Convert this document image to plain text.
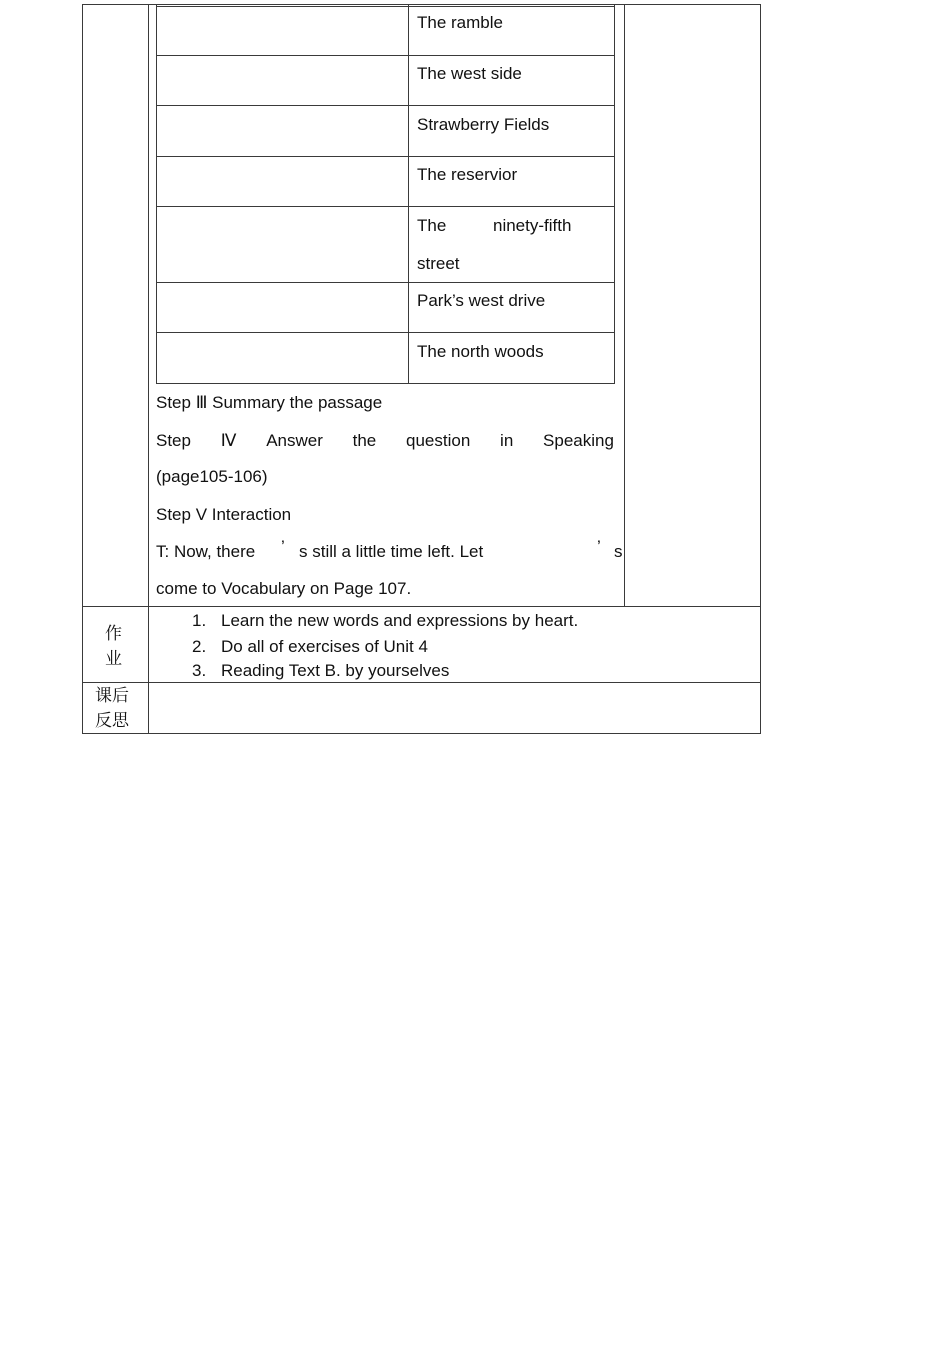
The ramble
The west side
Strawberry Fields
The reservior
The	ninety-fifth
street
Park’s west drive
The north woods
Step Ⅲ Summary the passage
Step Ⅳ Answer the question in Speaking
(page105-106)
Step V Interaction
T: Now, there ’ s still a little time left. Let	’ s
come to Vocabulary on Page 107.
作
业
1. Learn the new words and expressions by heart.
2. Do all of exercises of Unit 4
3. Reading Text B. by yourselves
课后
反思
